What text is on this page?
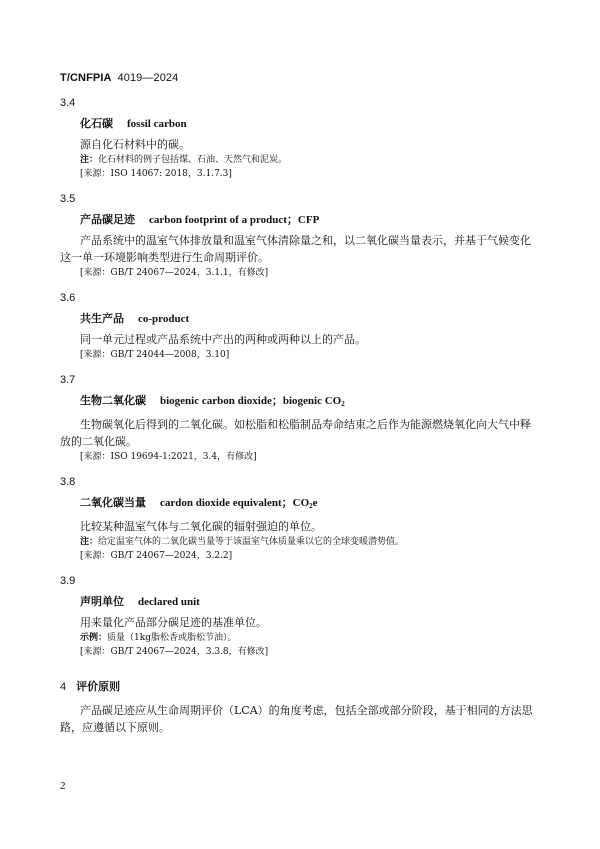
T/CNFPIA 4019—2024
3.4
化石碳 fossil carbon

源自化石材料中的碳。

注：化石材料的例子包括煤、石油、天然气和泥炭。
[来源：ISO 14067: 2018，3.1.7.3]
3.5
产品碳足迹 carbon footprint of a product；CFP

产品系统中的温室气体排放量和温室气体清除量之和，以二氧化碳当量表示，并基于气候变化这一单一环境影响类型进行生命周期评价。

[来源：GB/T 24067—2024，3.1.1，有修改]
3.6
共生产品 co-product

同一单元过程或产品系统中产出的两种或两种以上的产品。

[来源：GB/T 24044—2008，3.10]
3.7
生物二氧化碳 biogenic carbon dioxide；biogenic $CO_2$

生物碳氧化后得到的二氧化碳。如松脂和松脂制品寿命结束之后作为能源燃烧氧化向大气中释放的二氧化碳。

[来源：ISO 19694-1:2021，3.4，有修改]
3.8
二氧化碳当量 cardon dioxide equivalent；$CO_2e$

比较某种温室气体与二氧化碳的辐射强迫的单位。

注：给定温室气体的二氧化碳当量等于该温室气体质量乘以它的全球变暖潜势值。
[来源：GB/T 24067—2024，3.2.2]
3.9
声明单位 declared unit

用来量化产品部分碳足迹的基准单位。

示例：质量（1kg脂松香或脂松节油）。
[来源：GB/T 24067—2024，3.3.8，有修改]
4 评价原则

产品碳足迹应从生命周期评价（LCA）的角度考虑，包括全部或部分阶段，基于相同的方法思路，应遵循以下原则。

2
